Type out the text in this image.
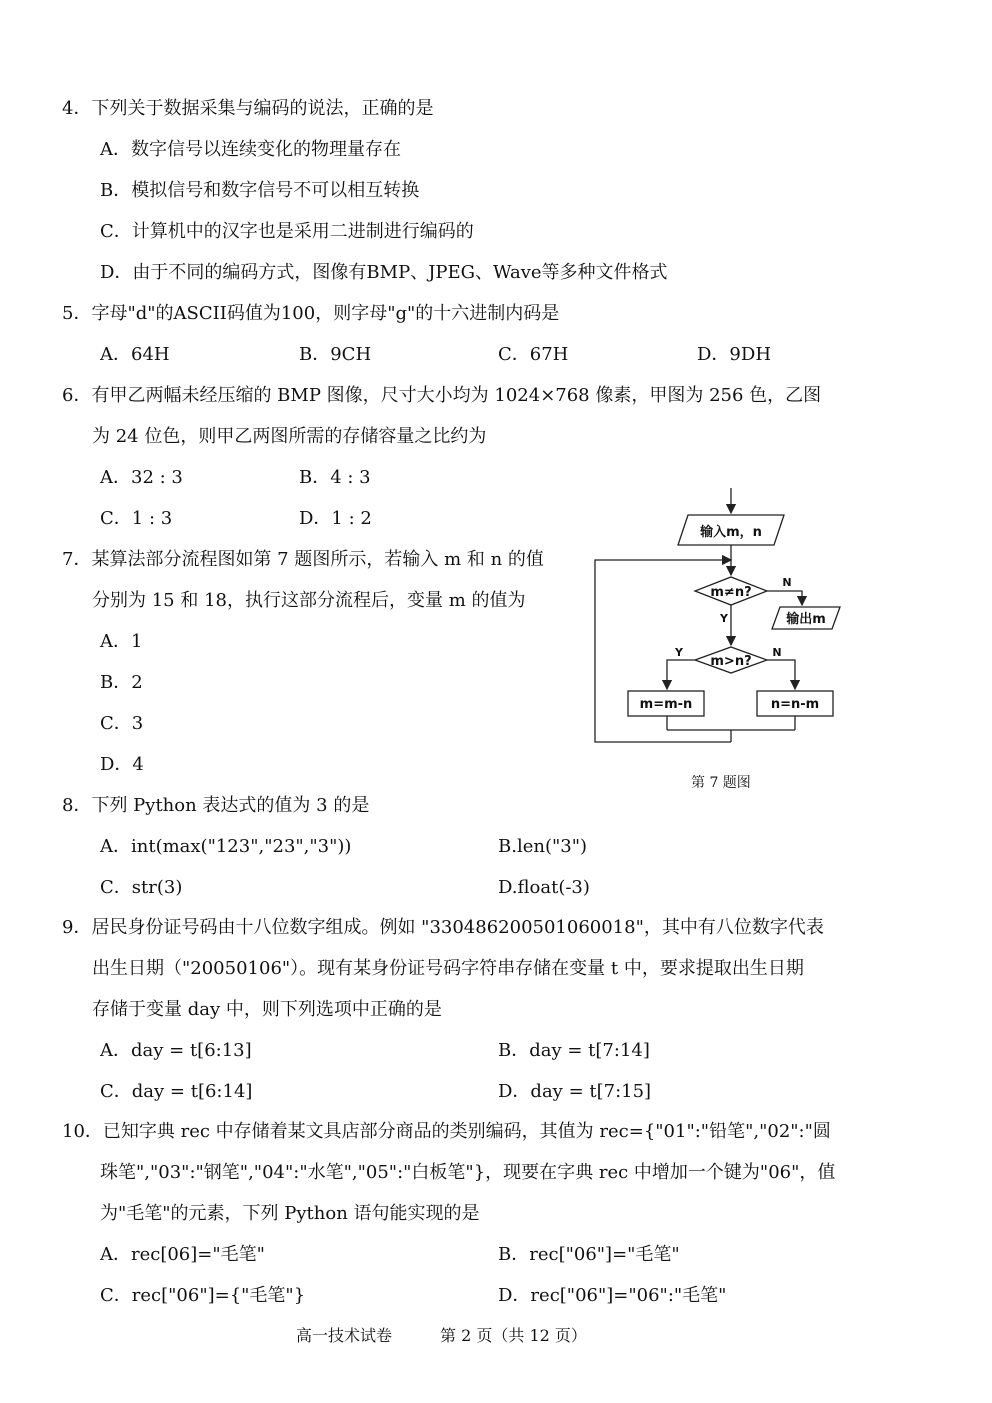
4．下列关于数据采集与编码的说法，正确的是
A．数字信号以连续变化的物理量存在
B．模拟信号和数字信号不可以相互转换
C．计算机中的汉字也是采用二进制进行编码的
D．由于不同的编码方式，图像有BMP、JPEG、Wave等多种文件格式
5．字母"d"的ASCII码值为100，则字母"g"的十六进制内码是
A．64H	B．9CH	C．67H	D．9DH
6．有甲乙两幅未经压缩的 BMP 图像，尺寸大小均为 1024×768 像素，甲图为 256 色，乙图
为 24 位色，则甲乙两图所需的存储容量之比约为
A．32 : 3	B．4 : 3
C．1 : 3	D．1 : 2
7．某算法部分流程图如第 7 题图所示，若输入 m 和 n 的值
分别为 15 和 18，执行这部分流程后，变量 m 的值为
A．1
B．2
C．3
D．4
输入m，n
m≠n?
输出m
m>n?
m=m-n	n=n-m
N
Y
Y	N
第 7 题图
8．下列 Python 表达式的值为 3 的是
A．int(max("123","23","3"))	B.len("3")
C．str(3)	D.float(-3)
9．居民身份证号码由十八位数字组成。例如 "330486200501060018"，其中有八位数字代表
出生日期（"20050106"）。现有某身份证号码字符串存储在变量 t 中，要求提取出生日期
存储于变量 day 中，则下列选项中正确的是
A．day = t[6:13]	B．day = t[7:14]
C．day = t[6:14]	D．day = t[7:15]
10．已知字典 rec 中存储着某文具店部分商品的类别编码，其值为 rec={"01":"铅笔","02":"圆
珠笔","03":"钢笔","04":"水笔","05":"白板笔"}，现要在字典 rec 中增加一个键为"06"，值
为"毛笔"的元素，下列 Python 语句能实现的是
A．rec[06]="毛笔"	B．rec["06"]="毛笔"
C．rec["06"]={"毛笔"}	D．rec["06"]="06":"毛笔"
高一技术试卷	第 2 页（共 12 页）
